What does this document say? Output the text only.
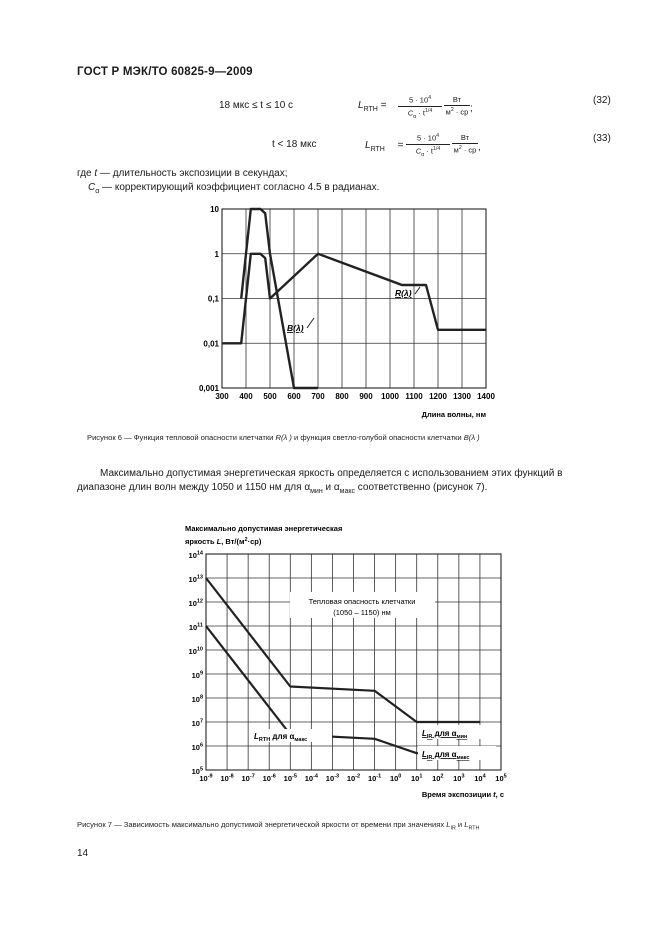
ГОСТ Р МЭК/ТО 60825-9—2009
18 мкс ≤ t ≤ 10 с	$L_{RTH} = \frac{5 \cdot 10^4}{C_\alpha \cdot t^{1/4}}$	Вт
$м^2$ · ср ;
(32)
t < 18 мкс	$L_{RTH} = \frac{5 \cdot 10^4}{C_\alpha \cdot t^{1/4}}$	Вт
$м^2$ · ср ,
(33)
где t — длительность экспозиции в секундах;
$C_\alpha$ — корректирующий коэффициент согласно 4.5 в радианах.
10
1
0,1
0,01
0,001
300 400 500 600 700 800 900 1000 1100 1200 1300 1400
Длина волны, нм
R(λ)
B(λ)
Рисунок 6 — Функция тепловой опасности клетчатки R(λ ) и функция светло-голубой опасности клетчатки B(λ )
Максимально допустимая энергетическая яркость определяется с использованием этих функций в
диапазоне длин волн между 1050 и 1150 нм для $\alpha_{мин}$ и $\alpha_{макс}$ соответственно (рисунок 7).
Максимально допустимая энергетическая
яркость L, $Вт/(м^2\cdot ср)$
$10^5$
$10^6$
$10^7$
$10^8$
$10^9$
$10^{10}$
$10^{11}$
$10^{12}$
$10^{13}$
$10^{14}$
$10^{-9}$ $10^{-8}$ $10^{-7}$ $10^{-6}$ $10^{-5}$ $10^{-4}$ $10^{-3}$ $10^{-2}$ $10^{-1}$ $10^0$ $10^1$ $10^2$ $10^3$ $10^4$ $10^5$
Тепловая опасность клетчатки
(1050 – 1150) нм
$L_{RTH}$ для $\alpha_{макс}$
$L_{IR}$ для $\alpha_{мин}$
$L_{IR}$ для $\alpha_{макс}$
Время экспозиции t, с
Рисунок 7 — Зависимость максимально допустимой энергетической яркости от времени при значениях $L_{IR}$ и $L_{RTH}$
14
